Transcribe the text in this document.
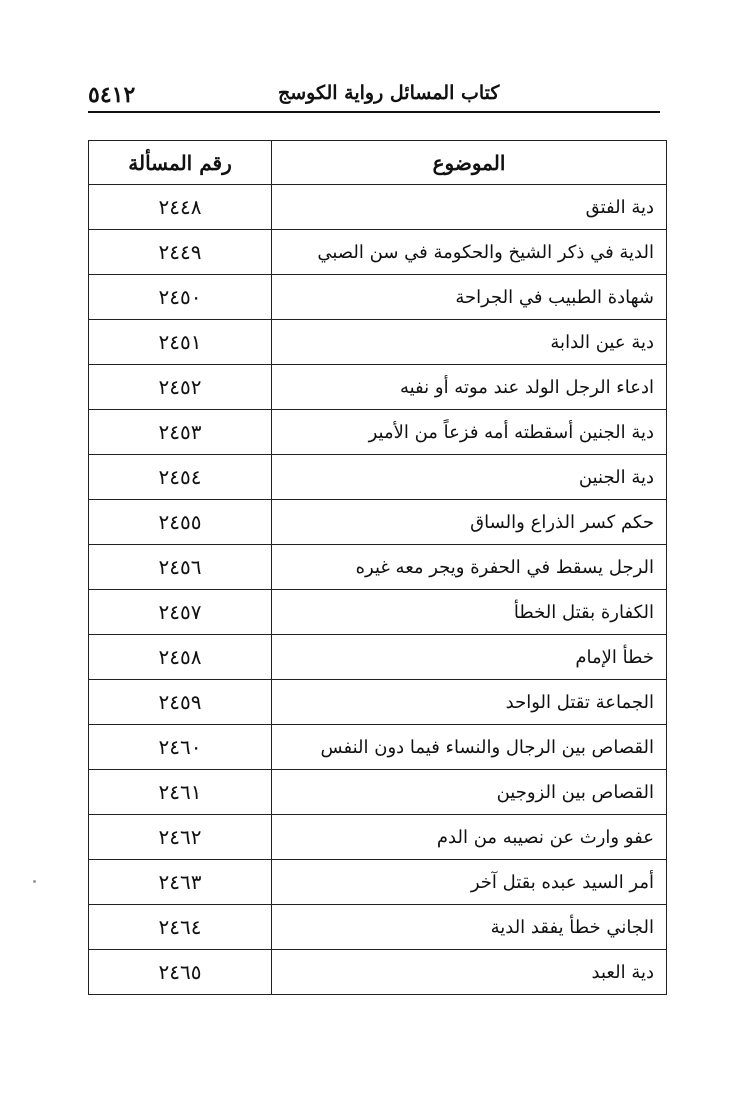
٥٤١٢	كتاب المسائل رواية الكوسج
الموضوع	رقم المسألة
دية الفتق	٢٤٤٨
الدية في ذكر الشيخ والحكومة في سن الصبي	٢٤٤٩
شهادة الطبيب في الجراحة	٢٤٥٠
دية عين الدابة	٢٤٥١
ادعاء الرجل الولد عند موته أو نفيه	٢٤٥٢
دية الجنين أسقطته أمه فزعاً من الأمير	٢٤٥٣
دية الجنين	٢٤٥٤
حكم كسر الذراع والساق	٢٤٥٥
الرجل يسقط في الحفرة ويجر معه غيره	٢٤٥٦
الكفارة بقتل الخطأ	٢٤٥٧
خطأ الإمام	٢٤٥٨
الجماعة تقتل الواحد	٢٤٥٩
القصاص بين الرجال والنساء فيما دون النفس	٢٤٦٠
القصاص بين الزوجين	٢٤٦١
عفو وارث عن نصيبه من الدم	٢٤٦٢
أمر السيد عبده بقتل آخر	٢٤٦٣
الجاني خطأ يفقد الدية	٢٤٦٤
دية العبد	٢٤٦٥
